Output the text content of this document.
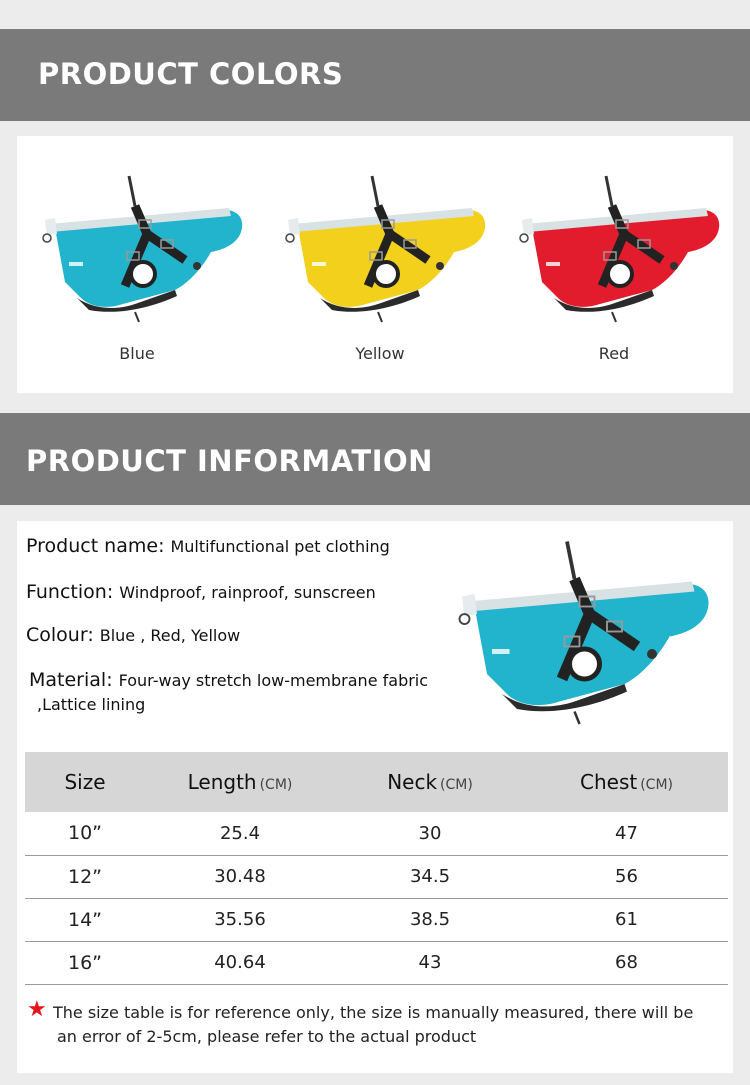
PRODUCT COLORS
Blue	Yellow	Red
PRODUCT INFORMATION
Product name: Multifunctional pet clothing
Function: Windproof, rainproof, sunscreen
Colour: Blue , Red, Yellow
Material: Four-way stretch low-membrane fabric
,Lattice lining
Size	Length (CM)	Neck (CM)	Chest (CM)
10”	25.4	30	47
12”	30.48	34.5	56
14”	35.56	38.5	61
16”	40.64	43	68
★ The size table is for reference only, the size is manually measured, there will be
an error of 2-5cm, please refer to the actual product
